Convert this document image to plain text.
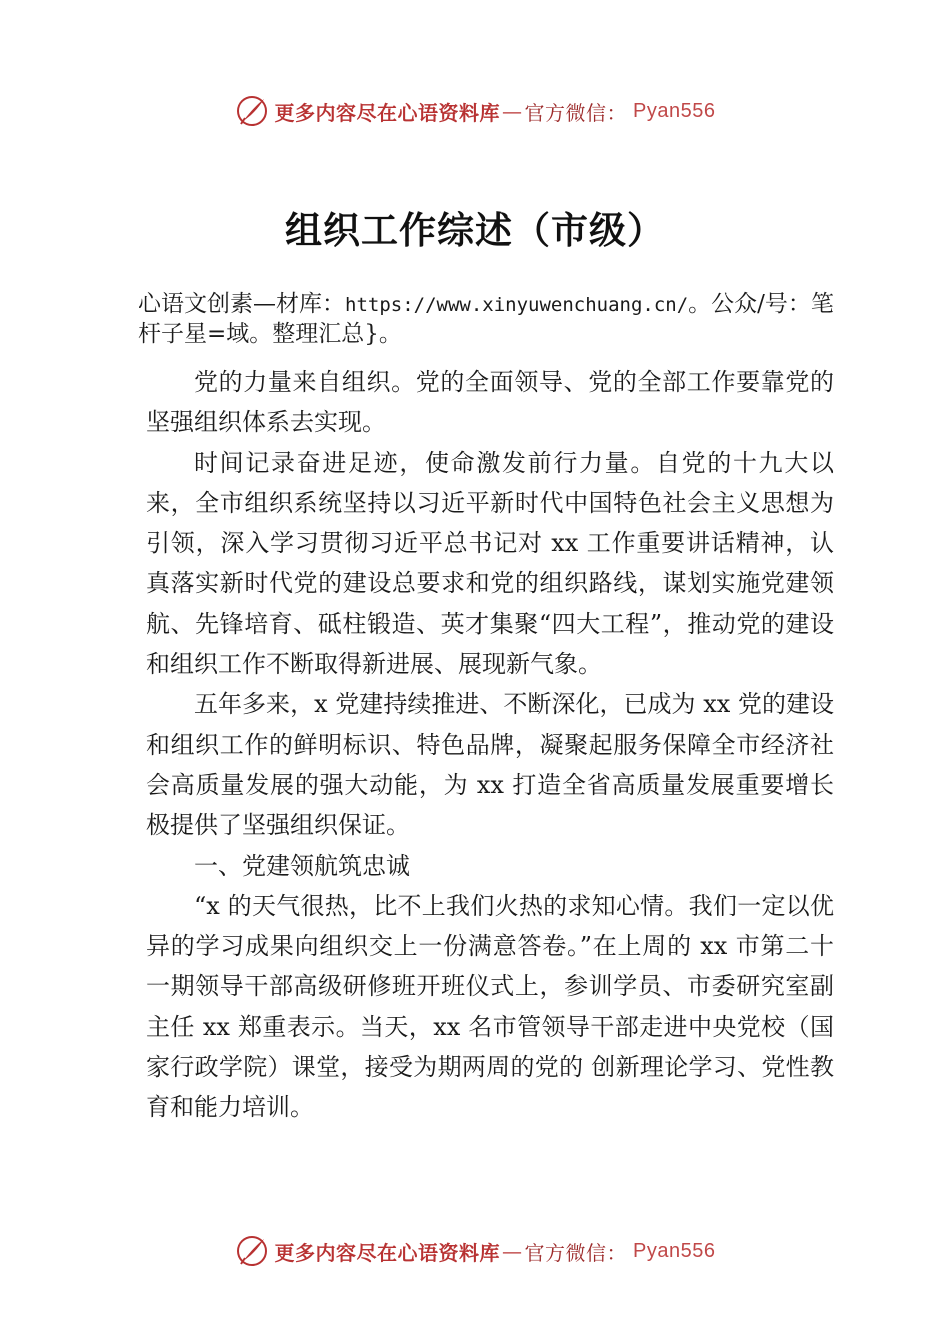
更多内容尽在心语资料库 — 官方微信： Pyan556
组织工作综述（市级）
心语文创素—材库：https://www.xinyuwenchuang.cn/。公众/号：笔杆子星=域。整理汇总}。

党的力量来自组织。党的全面领导、党的全部工作要靠党的坚强组织体系去实现。

时间记录奋进足迹，使命激发前行力量。自党的十九大以来，全市组织系统坚持以习近平新时代中国特色社会主义思想为引领，深入学习贯彻习近平总书记对 xx 工作重要讲话精神，认真落实新时代党的建设总要求和党的组织路线，谋划实施党建领航、先锋培育、砥柱锻造、英才集聚“四大工程”，推动党的建设和组织工作不断取得新进展、展现新气象。

五年多来，x 党建持续推进、不断深化，已成为 xx 党的建设和组织工作的鲜明标识、特色品牌，凝聚起服务保障全市经济社会高质量发展的强大动能，为 xx 打造全省高质量发展重要增长极提供了坚强组织保证。

一、党建领航筑忠诚

“x 的天气很热，比不上我们火热的求知心情。我们一定以优异的学习成果向组织交上一份满意答卷。”在上周的 xx 市第二十一期领导干部高级研修班开班仪式上，参训学员、市委研究室副主任 xx 郑重表示。当天，xx 名市管领导干部走进中央党校（国家行政学院）课堂，接受为期两周的党的 创新理论学习、党性教育和能力培训。

更多内容尽在心语资料库 — 官方微信： Pyan556
